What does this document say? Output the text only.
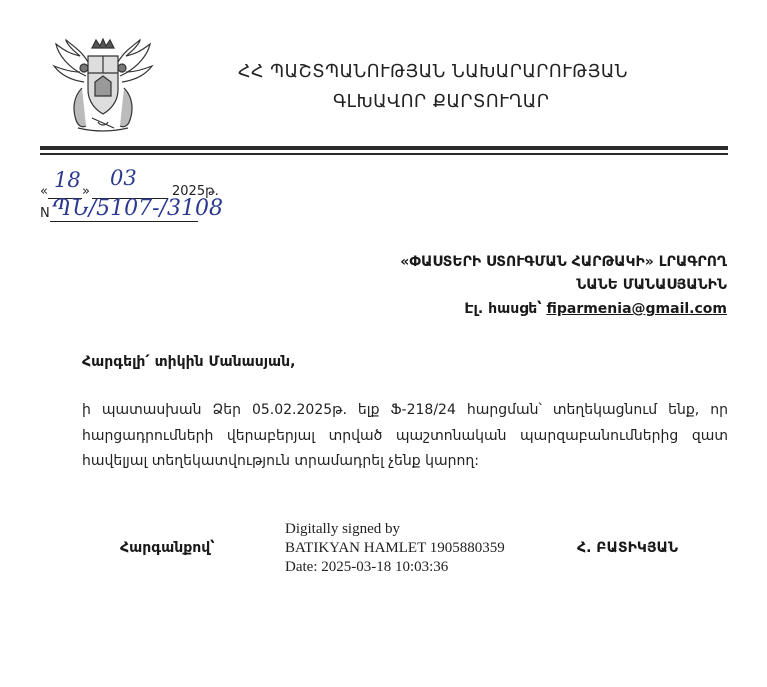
ՀՀ ՊԱՇՏՊԱՆՈՒԹՅԱՆ ՆԱԽԱՐԱՐՈՒԹՅԱՆ
ԳԼԽԱՎՈՐ ՔԱՐՏՈՒՂԱՐ
« 18 »
03
2025թ.
N ՊՆ/5107-/3108
«ՓԱՍՏԵՐԻ ՍՏՈՒԳՄԱՆ ՀԱՐԹԱԿԻ» ԼՐԱԳՐՈՂ
ՆԱՆԵ ՄԱՆԱՍՅԱՆԻՆ
Էլ. հասցե՝ fiparmenia@gmail.com
Հարգելի՛ տիկին Մանասյան,
ի պատասխան Ձեր 05.02.2025թ. ելք Ֆ-218/24 հարցման՝ տեղեկացնում ենք, որ հարցադրումների վերաբերյալ տրված պաշտոնական պարզաբանումներից զատ հավելյալ տեղեկատվություն տրամադրել չենք կարող:
Հարգանքով՝
Digitally signed by
BATIKYAN HAMLET 1905880359
Date: 2025-03-18 10:03:36
Հ. ԲԱՏԻԿՅԱՆ
